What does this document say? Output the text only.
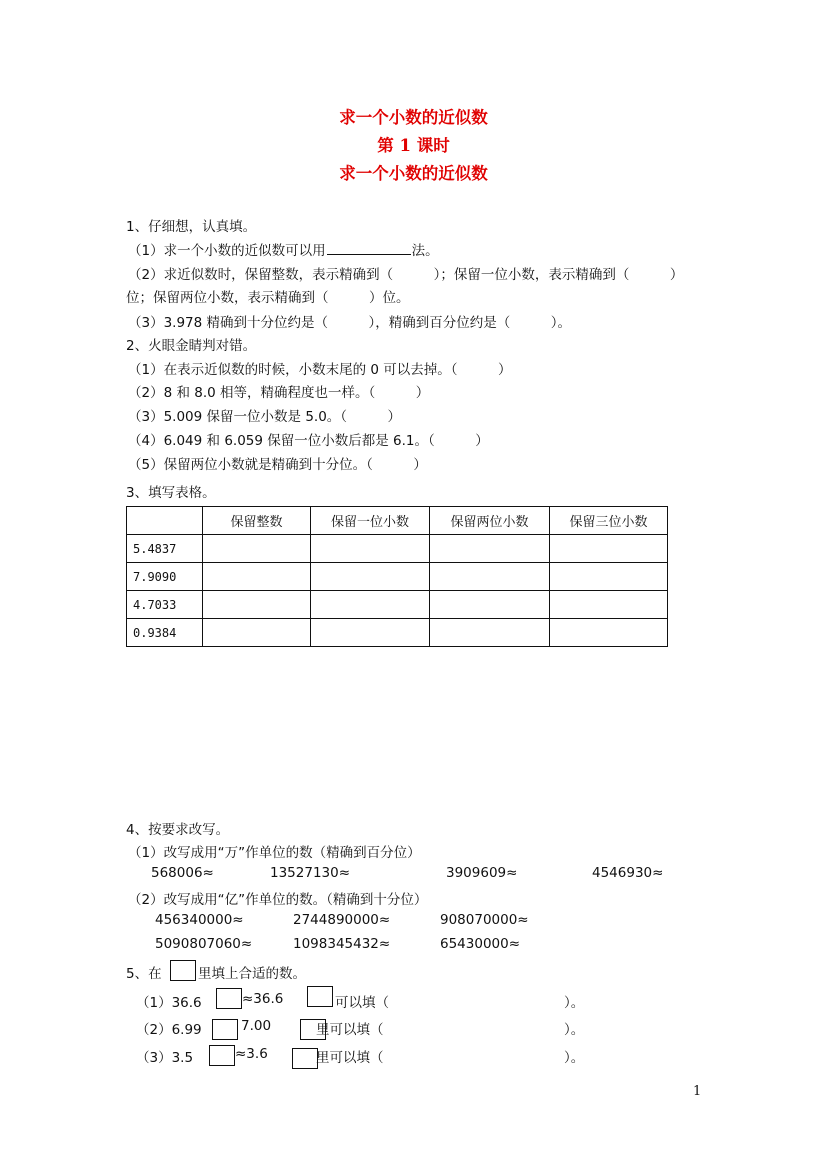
求一个小数的近似数
第 1 课时
求一个小数的近似数
1、仔细想，认真填。
（1）求一个小数的近似数可以用	法。
（2）求近似数时，保留整数，表示精确到（　　　）；保留一位小数，表示精确到（　　　）
位；保留两位小数，表示精确到（　　　）位。
（3）3.978 精确到十分位约是（　　　），精确到百分位约是（　　　）。
2、火眼金睛判对错。
（1）在表示近似数的时候，小数末尾的 0 可以去掉。（　　　）
（2）8 和 8.0 相等，精确程度也一样。（　　　）
（3）5.009 保留一位小数是 5.0。（　　　）
（4）6.049 和 6.059 保留一位小数后都是 6.1。（　　　）
（5）保留两位小数就是精确到十分位。（　　　）
3、填写表格。
	保留整数	保留一位小数	保留两位小数	保留三位小数
5.4837				
7.9090				
4.7033				
0.9384				
4、按要求改写。
（1）改写成用“万”作单位的数（精确到百分位）
568006≈	13527130≈	3909609≈	4546930≈
（2）改写成用“亿”作单位的数。（精确到十分位）
456340000≈	2744890000≈	908070000≈
5090807060≈	1098345432≈	65430000≈
5、在	里填上合适的数。
（1）36.6	≈36.6	可以填（	）。
（2）6.99	7.00	里可以填（	）。
（3）3.5	≈3.6	里可以填（	）。
1
